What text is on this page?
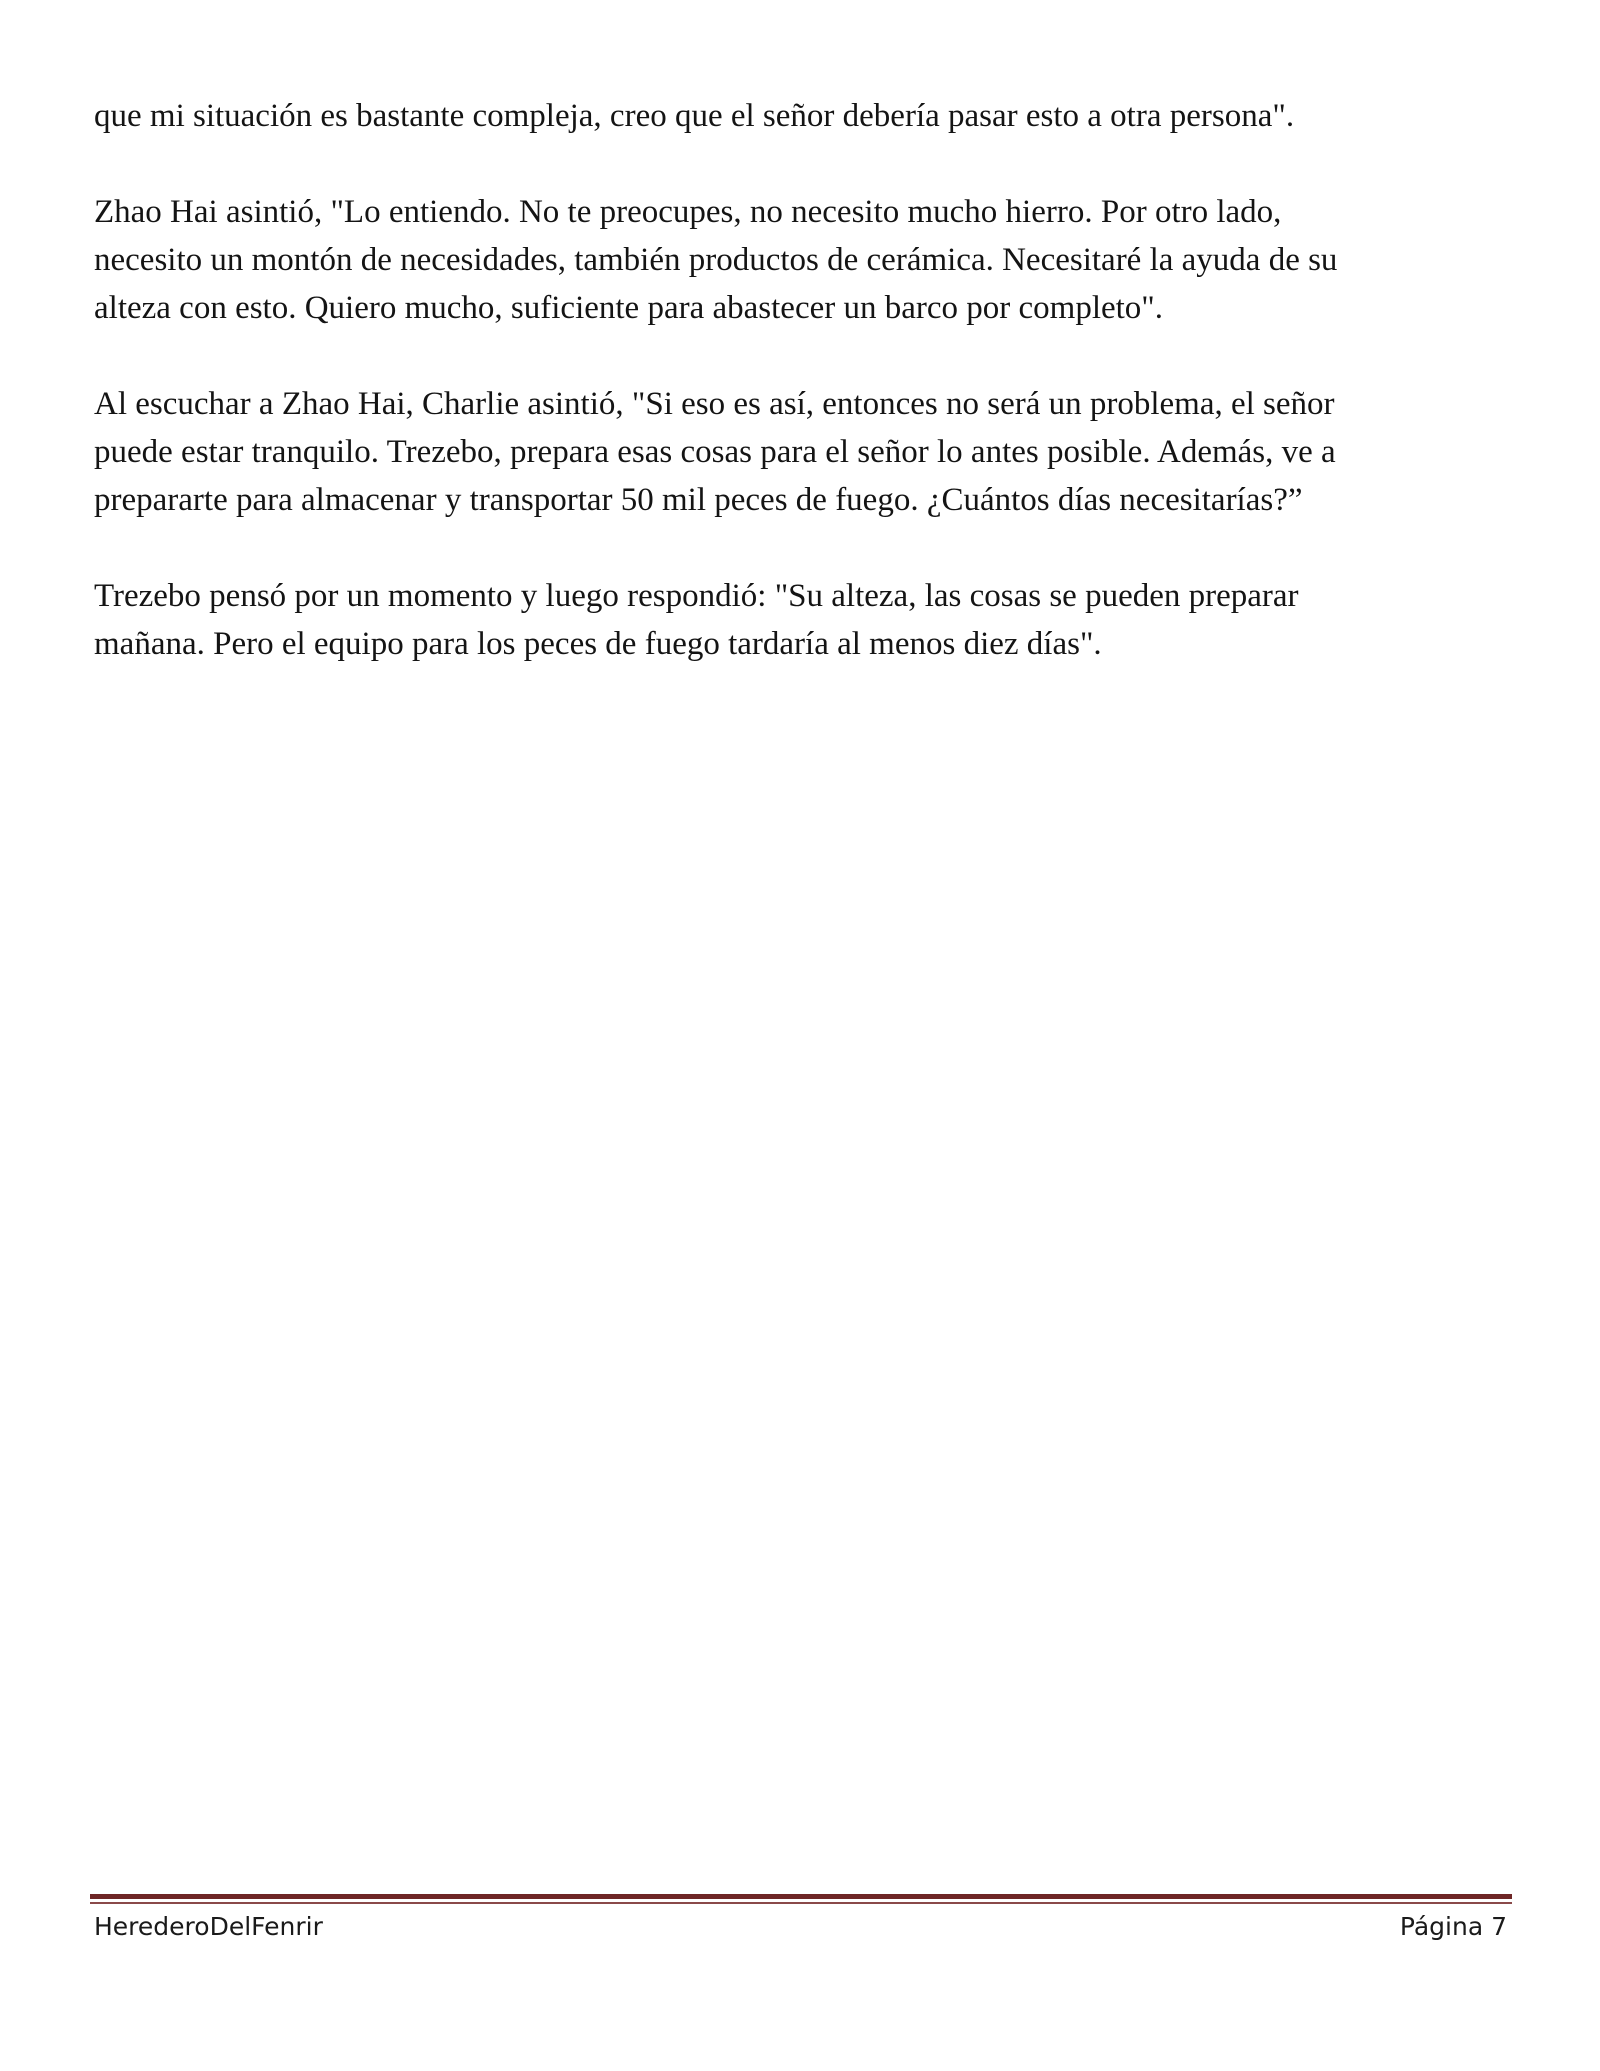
que mi situación es bastante compleja, creo que el señor debería pasar esto a otra persona".

Zhao Hai asintió, "Lo entiendo. No te preocupes, no necesito mucho hierro. Por otro lado,
necesito un montón de necesidades, también productos de cerámica. Necesitaré la ayuda de su
alteza con esto. Quiero mucho, suficiente para abastecer un barco por completo".

Al escuchar a Zhao Hai, Charlie asintió, "Si eso es así, entonces no será un problema, el señor
puede estar tranquilo. Trezebo, prepara esas cosas para el señor lo antes posible. Además, ve a
prepararte para almacenar y transportar 50 mil peces de fuego. ¿Cuántos días necesitarías?”

Trezebo pensó por un momento y luego respondió: "Su alteza, las cosas se pueden preparar
mañana. Pero el equipo para los peces de fuego tardaría al menos diez días".

HerederoDelFenrir	Página 7
